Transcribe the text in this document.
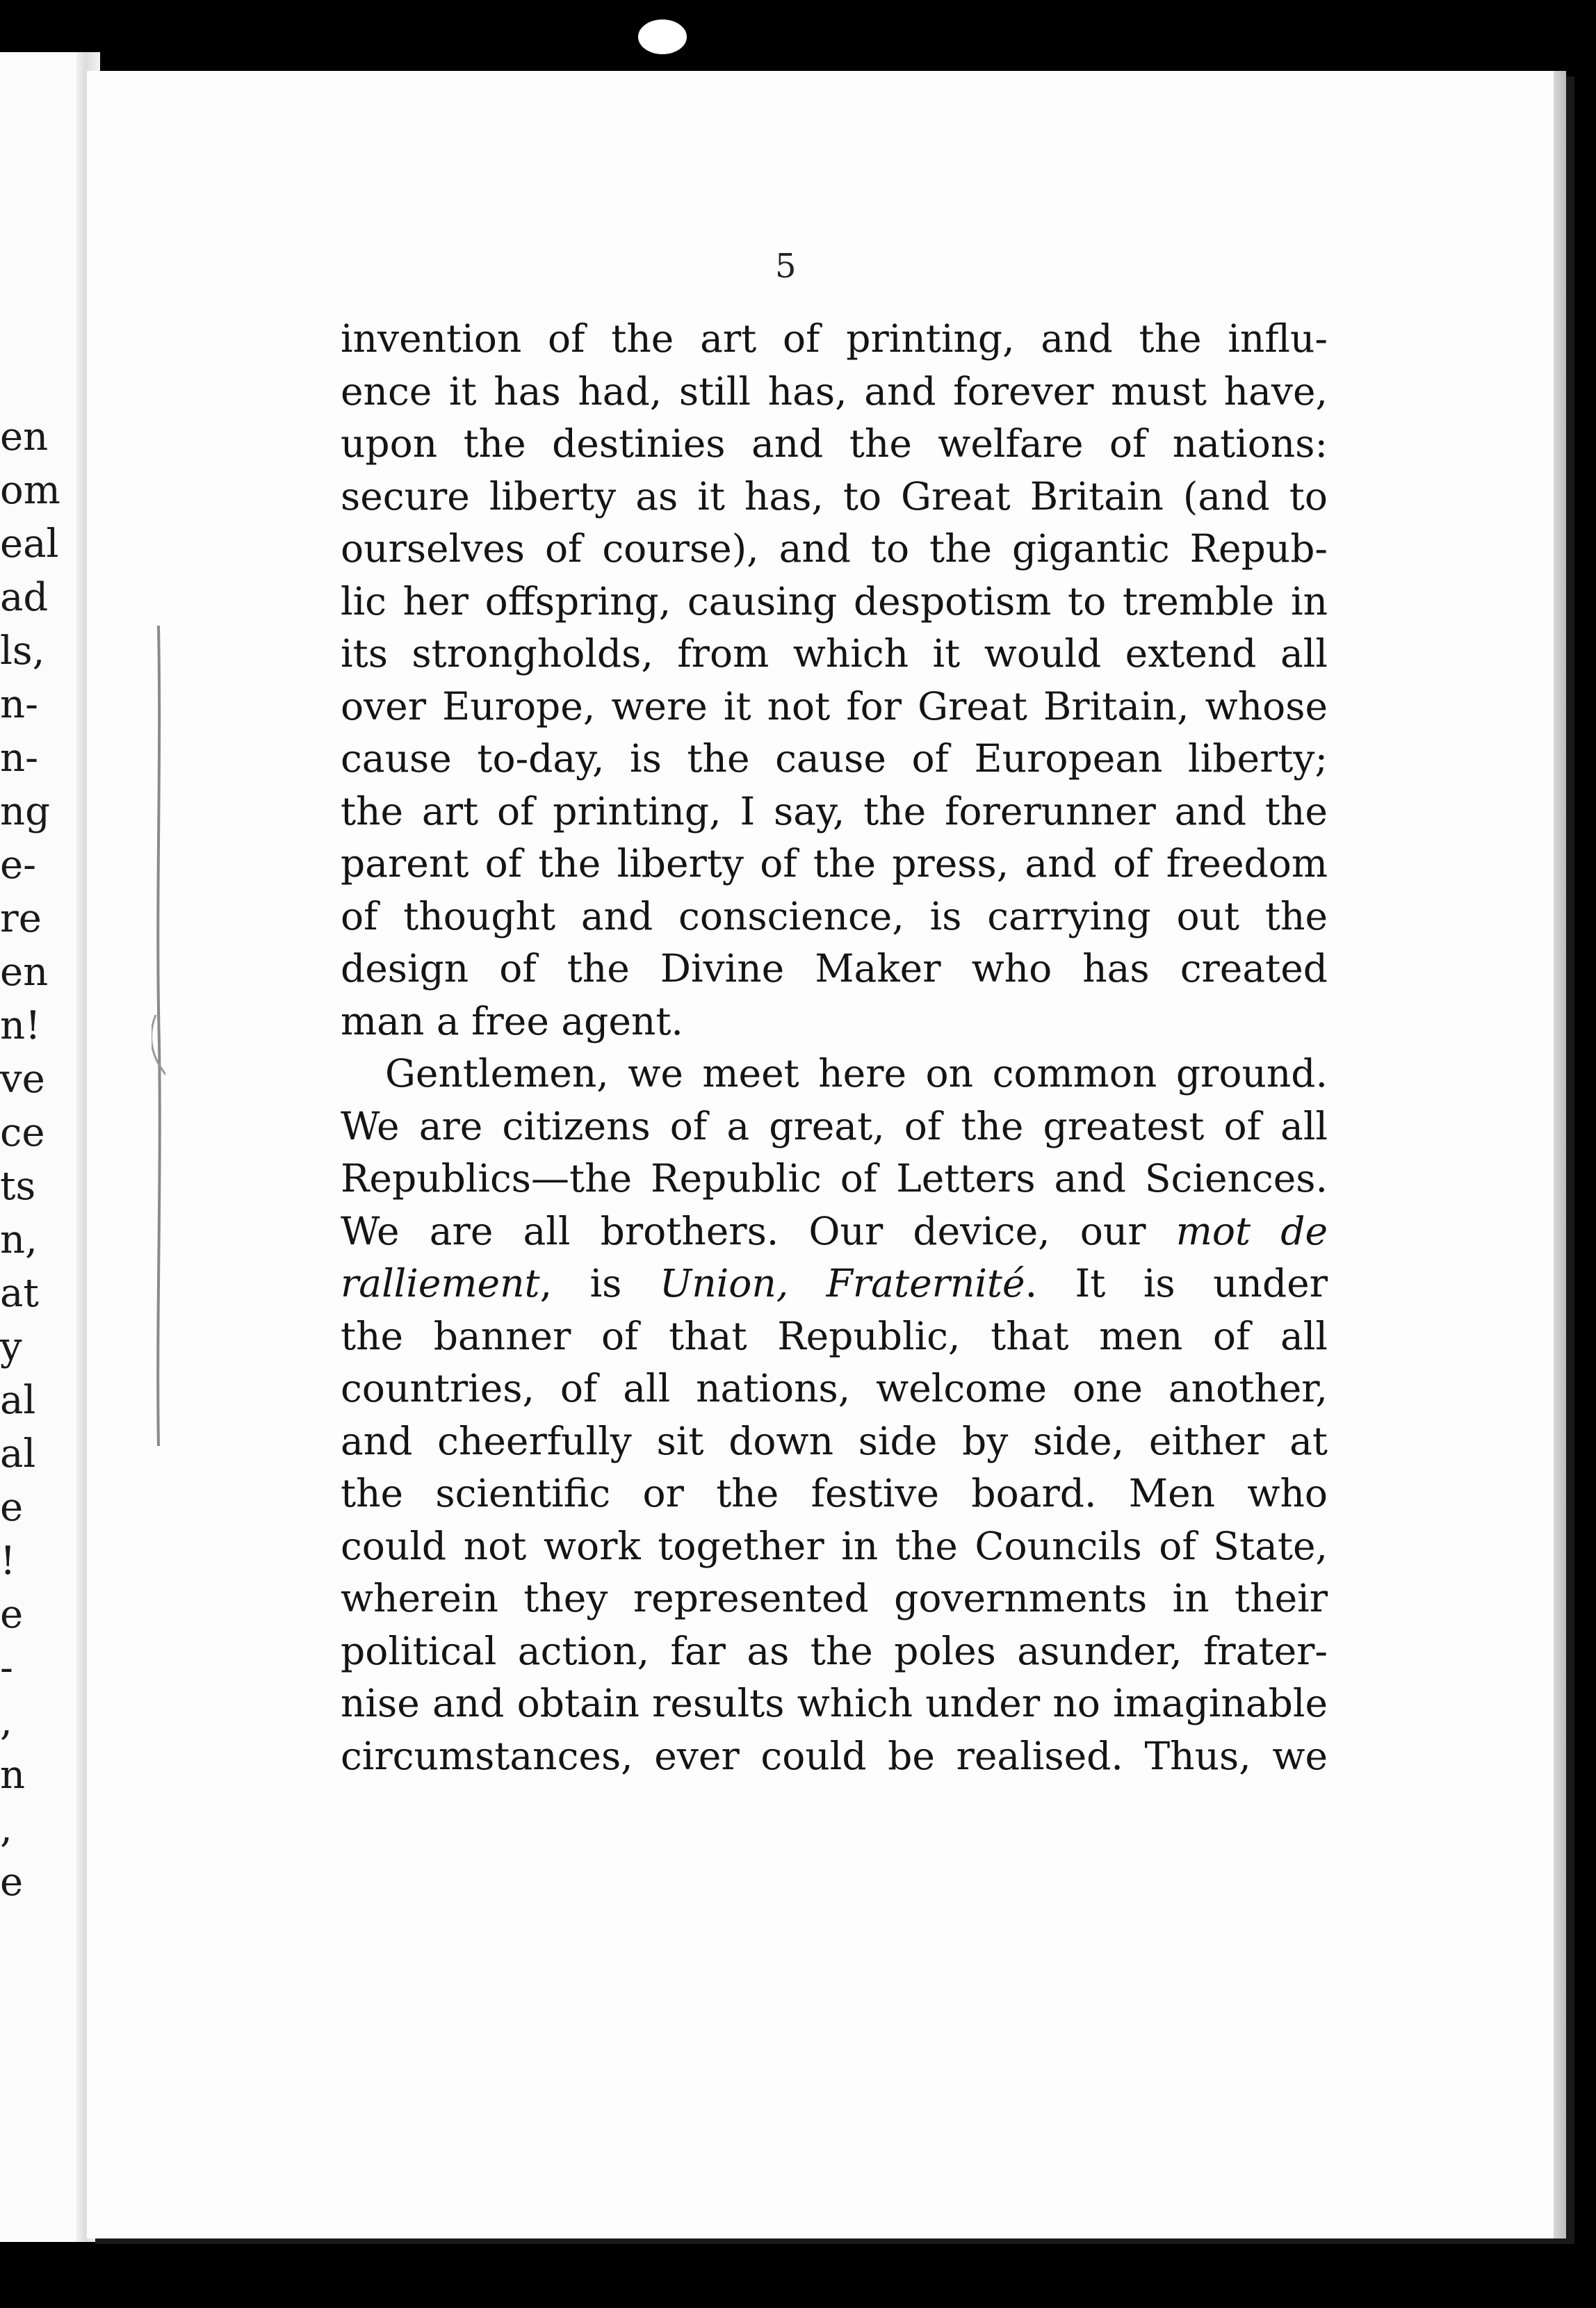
en
om
eal
ad
ls,
n-
n-
ng
e-
re
en
n!
ve
ce
ts
n,
at
y
al
al
e
!
e
-
,
n
,
e
5
invention of the art of printing, and the influ-
ence it has had, still has, and forever must have,
upon the destinies and the welfare of nations:
secure liberty as it has, to Great Britain (and to
ourselves of course), and to the gigantic Repub-
lic her offspring, causing despotism to tremble in
its strongholds, from which it would extend all
over Europe, were it not for Great Britain, whose
cause to-day, is the cause of European liberty;
the art of printing, I say, the forerunner and the
parent of the liberty of the press, and of freedom
of thought and conscience, is carrying out the
design of the Divine Maker who has created
man a free agent.
Gentlemen, we meet here on common ground.
We are citizens of a great, of the greatest of all
Republics—the Republic of Letters and Sciences.
We are all brothers. Our device, our mot de
ralliement, is Union, Fraternité. It is under
the banner of that Republic, that men of all
countries, of all nations, welcome one another,
and cheerfully sit down side by side, either at
the scientific or the festive board. Men who
could not work together in the Councils of State,
wherein they represented governments in their
political action, far as the poles asunder, frater-
nise and obtain results which under no imaginable
circumstances, ever could be realised. Thus, we
